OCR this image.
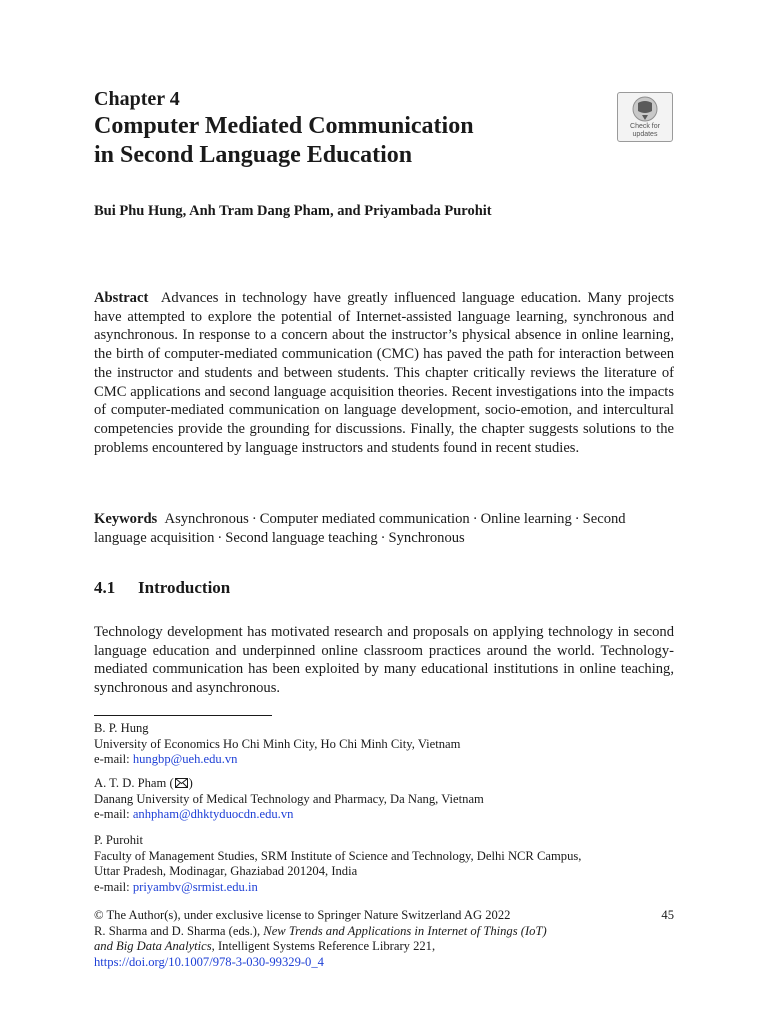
Chapter 4
Computer Mediated Communication
in Second Language Education
Check for
updates
Bui Phu Hung, Anh Tram Dang Pham, and Priyambada Purohit

Abstract Advances in technology have greatly influenced language education. Many projects have attempted to explore the potential of Internet-assisted language learning, synchronous and asynchronous. In response to a concern about the instructor’s physical absence in online learning, the birth of computer-mediated communication (CMC) has paved the path for interaction between the instructor and students and between students. This chapter critically reviews the literature of CMC applications and second language acquisition theories. Recent investigations into the impacts of computer-mediated communication on language development, socio-emotion, and intercultural competencies provide the grounding for discussions. Finally, the chapter suggests solutions to the problems encountered by language instructors and students found in recent studies.

Keywords Asynchronous · Computer mediated communication · Online learning · Second language acquisition · Second language teaching · Synchronous

4.1 Introduction

Technology development has motivated research and proposals on applying technology in second language education and underpinned online classroom practices around the world. Technology-mediated communication has been exploited by many educational institutions in online teaching, synchronous and asynchronous.

B. P. Hung
University of Economics Ho Chi Minh City, Ho Chi Minh City, Vietnam
e-mail: hungbp@ueh.edu.vn

A. T. D. Pham ( )
Danang University of Medical Technology and Pharmacy, Da Nang, Vietnam
e-mail: anhpham@dhktyduocdn.edu.vn

P. Purohit
Faculty of Management Studies, SRM Institute of Science and Technology, Delhi NCR Campus,
Uttar Pradesh, Modinagar, Ghaziabad 201204, India
e-mail: priyambv@srmist.edu.in

© The Author(s), under exclusive license to Springer Nature Switzerland AG 2022
R. Sharma and D. Sharma (eds.), New Trends and Applications in Internet of Things (IoT)
and Big Data Analytics, Intelligent Systems Reference Library 221,
https://doi.org/10.1007/978-3-030-99329-0_4

45
